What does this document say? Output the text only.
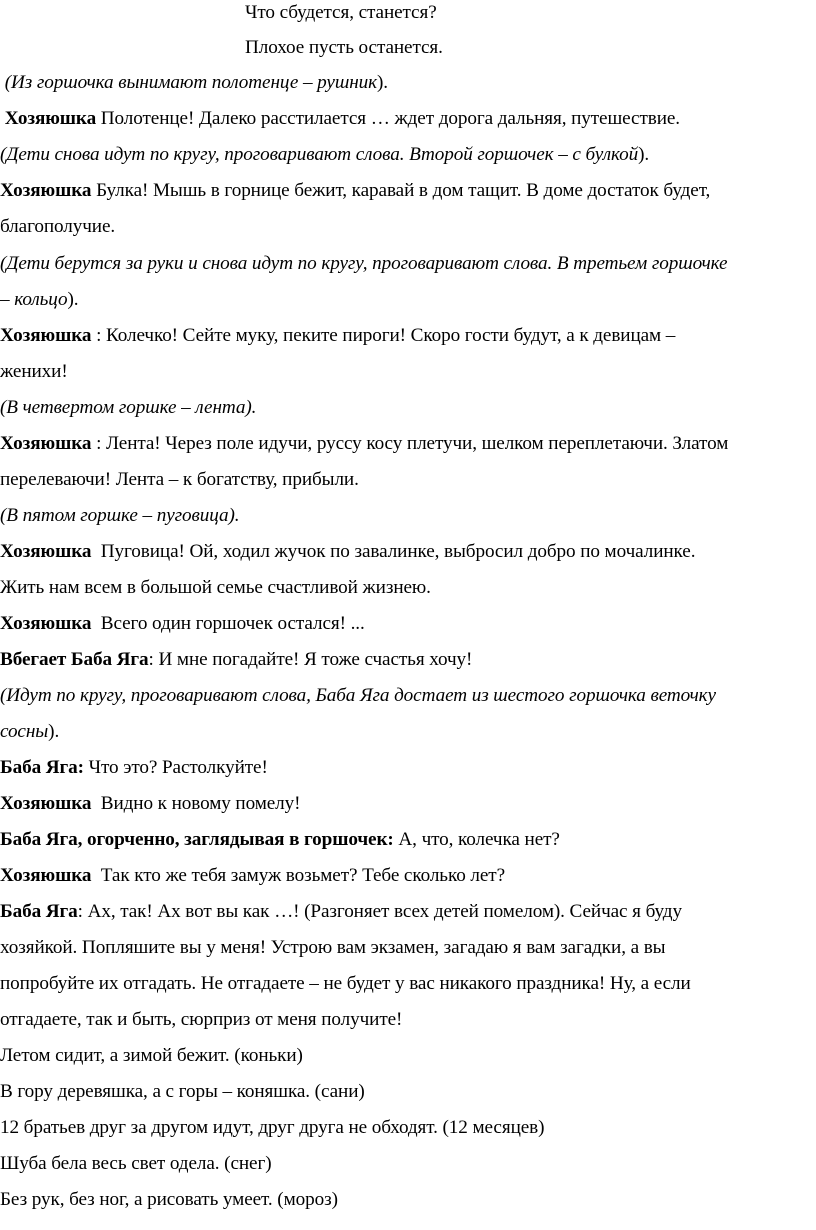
Что сбудется, станется?
Плохое пусть останется.
(Из горшочка вынимают полотенце – рушник).
Хозяюшка Полотенце! Далеко расстилается … ждет дорога дальняя, путешествие.
(Дети снова идут по кругу, проговаривают слова. Второй горшочек – с булкой).
Хозяюшка Булка! Мышь в горнице бежит, каравай в дом тащит. В доме достаток будет,
благополучие.
(Дети берутся за руки и снова идут по кругу, проговаривают слова. В третьем горшочке
– кольцо).
Хозяюшка : Колечко! Сейте муку, пеките пироги! Скоро гости будут, а к девицам –
женихи!
(В четвертом горшке – лента).
Хозяюшка : Лента! Через поле идучи, руссу косу плетучи, шелком переплетаючи. Златом
перелеваючи! Лента – к богатству, прибыли.
(В пятом горшке – пуговица).
Хозяюшка  Пуговица! Ой, ходил жучок по завалинке, выбросил добро по мочалинке.
Жить нам всем в большой семье счастливой жизнею.
Хозяюшка  Всего один горшочек остался! ...
Вбегает Баба Яга: И мне погадайте! Я тоже счастья хочу!
(Идут по кругу, проговаривают слова, Баба Яга достает из шестого горшочка веточку
сосны).
Баба Яга: Что это? Растолкуйте!
Хозяюшка  Видно к новому помелу!
Баба Яга, огорченно, заглядывая в горшочек: А, что, колечка нет?
Хозяюшка  Так кто же тебя замуж возьмет? Тебе сколько лет?
Баба Яга: Ах, так! Ах вот вы как …! (Разгоняет всех детей помелом). Сейчас я буду
хозяйкой. Попляшите вы у меня! Устрою вам экзамен, загадаю я вам загадки, а вы
попробуйте их отгадать. Не отгадаете – не будет у вас никакого праздника! Ну, а если
отгадаете, так и быть, сюрприз от меня получите!
Летом сидит, а зимой бежит. (коньки)
В гору деревяшка, а с горы – коняшка. (сани)
12 братьев друг за другом идут, друг друга не обходят. (12 месяцев)
Шуба бела весь свет одела. (снег)
Без рук, без ног, а рисовать умеет. (мороз)
